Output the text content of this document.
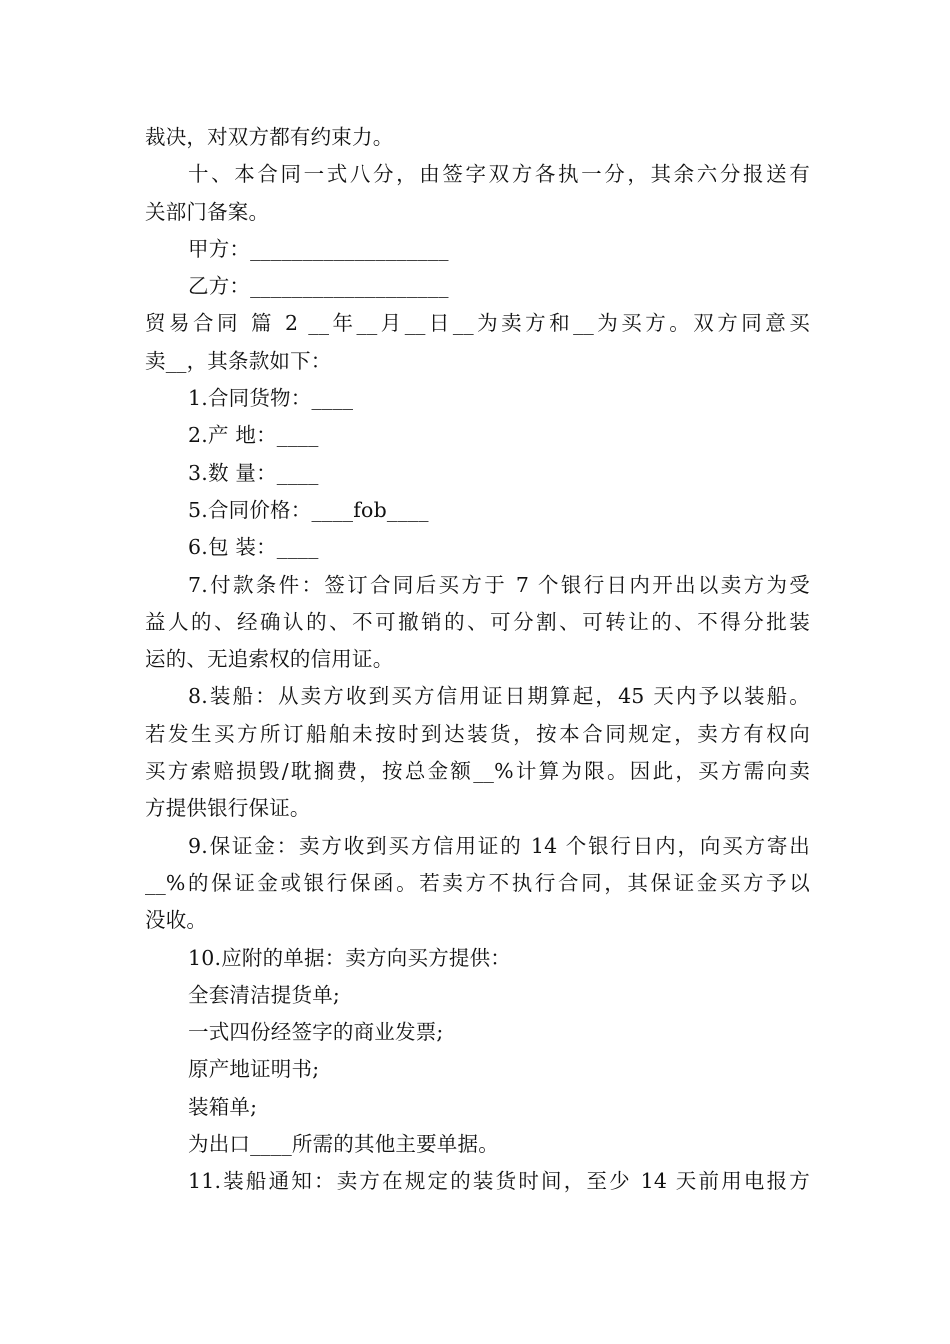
裁决，对双方都有约束力。
十、本合同一式八分，由签字双方各执一分，其余六分报送有
关部门备案。
甲方：___________________
乙方：___________________
贸易合同 篇 2 __年__月__日__为卖方和__为买方。双方同意买
卖__，其条款如下：
1.合同货物：____
2.产 地：____
3.数 量：____
5.合同价格：____fob____
6.包 装：____
7.付款条件：签订合同后买方于 7 个银行日内开出以卖方为受
益人的、经确认的、不可撤销的、可分割、可转让的、不得分批装
运的、无追索权的信用证。
8.装船：从卖方收到买方信用证日期算起，45 天内予以装船。
若发生买方所订船舶未按时到达装货，按本合同规定，卖方有权向
买方索赔损毁/耽搁费，按总金额__%计算为限。因此，买方需向卖
方提供银行保证。
9.保证金：卖方收到买方信用证的 14 个银行日内，向买方寄出
__%的保证金或银行保函。若卖方不执行合同，其保证金买方予以
没收。
10.应附的单据：卖方向买方提供：
全套清洁提货单;
一式四份经签字的商业发票;
原产地证明书;
装箱单;
为出口____所需的其他主要单据。
11.装船通知：卖方在规定的装货时间，至少 14 天前用电报方
